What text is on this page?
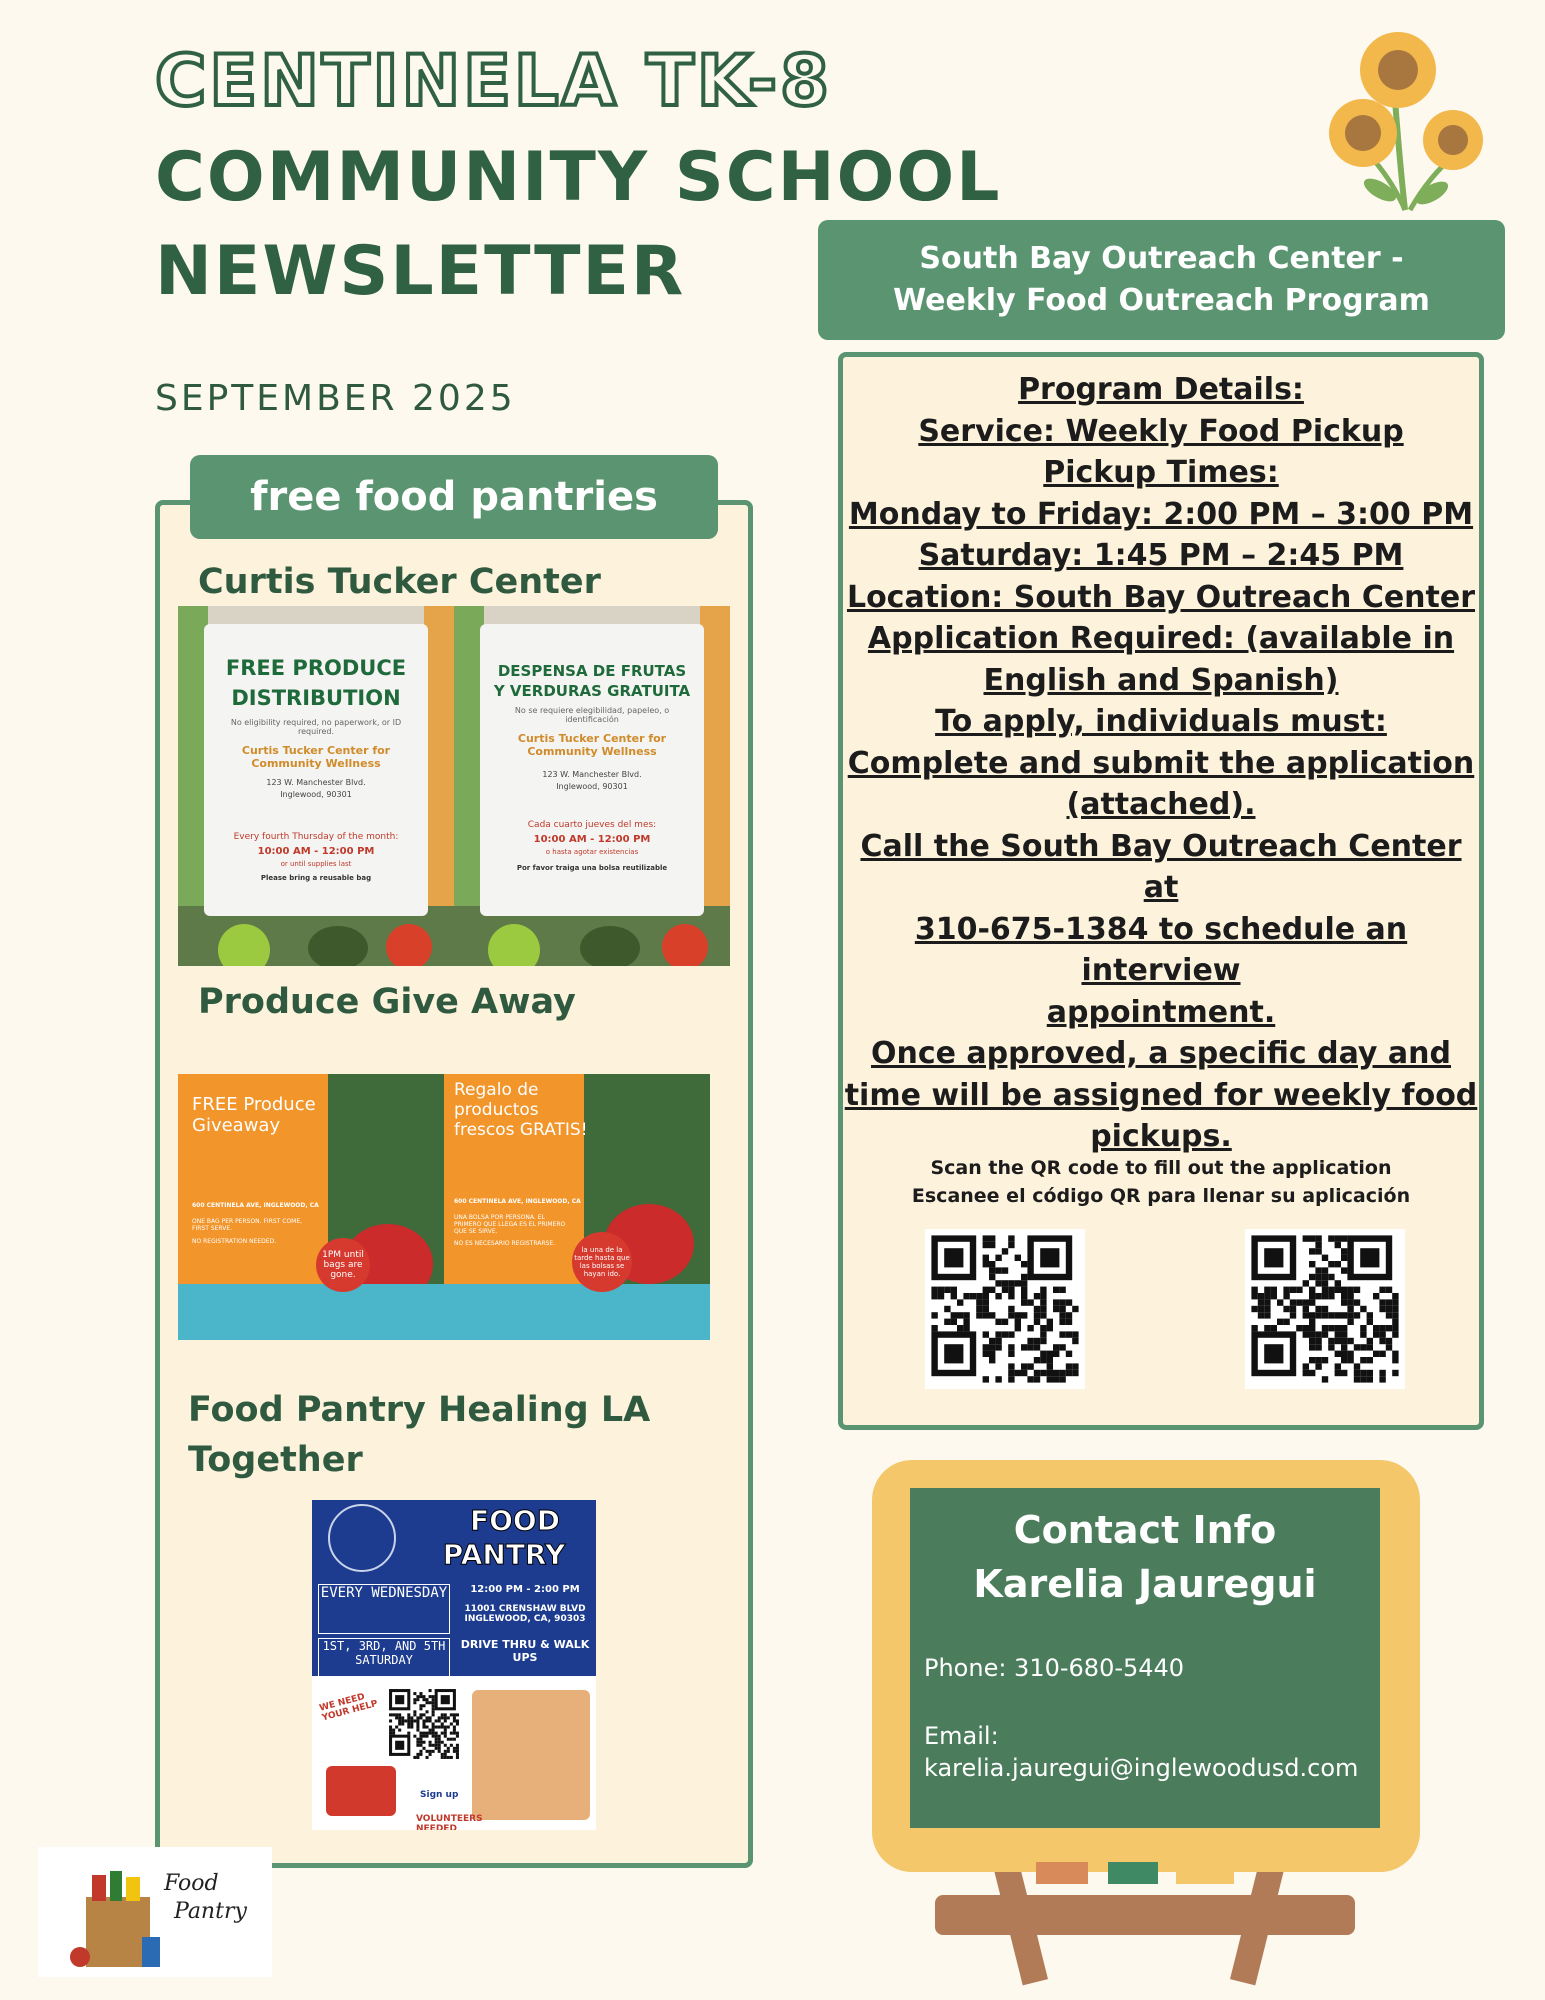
CENTINELA TK-8
COMMUNITY SCHOOL
NEWSLETTER
SEPTEMBER 2025
South Bay Outreach Center - Weekly Food Outreach Program
Program Details:
Service: Weekly Food Pickup
Pickup Times:
Monday to Friday: 2:00 PM – 3:00 PM
Saturday: 1:45 PM – 2:45 PM
Location: South Bay Outreach Center
Application Required: (available in
English and Spanish)
To apply, individuals must:
Complete and submit the application
(attached).
Call the South Bay Outreach Center at
310-675-1384 to schedule an interview
appointment.
Once approved, a specific day and
time will be assigned for weekly food
pickups.
Scan the QR code to fill out the application
Escanee el código QR para llenar su aplicación
free food pantries
Curtis Tucker Center
FREE PRODUCE
DISTRIBUTION
No eligibility required, no paperwork, or ID required.
Curtis Tucker Center for Community Wellness
123 W. Manchester Blvd.
Inglewood, 90301
Every fourth Thursday of the month:
10:00 AM - 12:00 PM
or until supplies last
Please bring a reusable bag
DESPENSA DE FRUTAS
Y VERDURAS GRATUITA
No se requiere elegibilidad, papeleo, o identificación
Curtis Tucker Center for Community Wellness
123 W. Manchester Blvd.
Inglewood, 90301
Cada cuarto jueves del mes:
10:00 AM - 12:00 PM
o hasta agotar existencias
Por favor traiga una bolsa reutilizable
Produce Give Away
FREE Produce Giveaway
600 CENTINELA AVE, INGLEWOOD, CA
ONE BAG PER PERSON. FIRST COME, FIRST SERVE.
NO REGISTRATION NEEDED.
1PM until bags are gone.
Regalo de productos frescos GRATIS!
600 CENTINELA AVE, INGLEWOOD, CA
UNA BOLSA POR PERSONA. EL PRIMERO QUE LLEGA ES EL PRIMERO QUE SE SIRVE.
NO ES NECESARIO REGISTRARSE.
la una de la tarde hasta que las bolsas se hayan ido.
Food Pantry Healing LA
Together
FOOD
PANTRY
EVERY WEDNESDAY
1ST, 3RD, AND 5TH SATURDAY
12:00 PM - 2:00 PM
11001 CRENSHAW BLVD INGLEWOOD, CA, 90303
DRIVE THRU & WALK UPS
WE NEED YOUR HELP
Sign up
VOLUNTEERS NEEDED
Food
Pantry
Contact Info
Karelia Jauregui
Phone: 310-680-5440
Email:
karelia.jauregui@inglewoodusd.com
